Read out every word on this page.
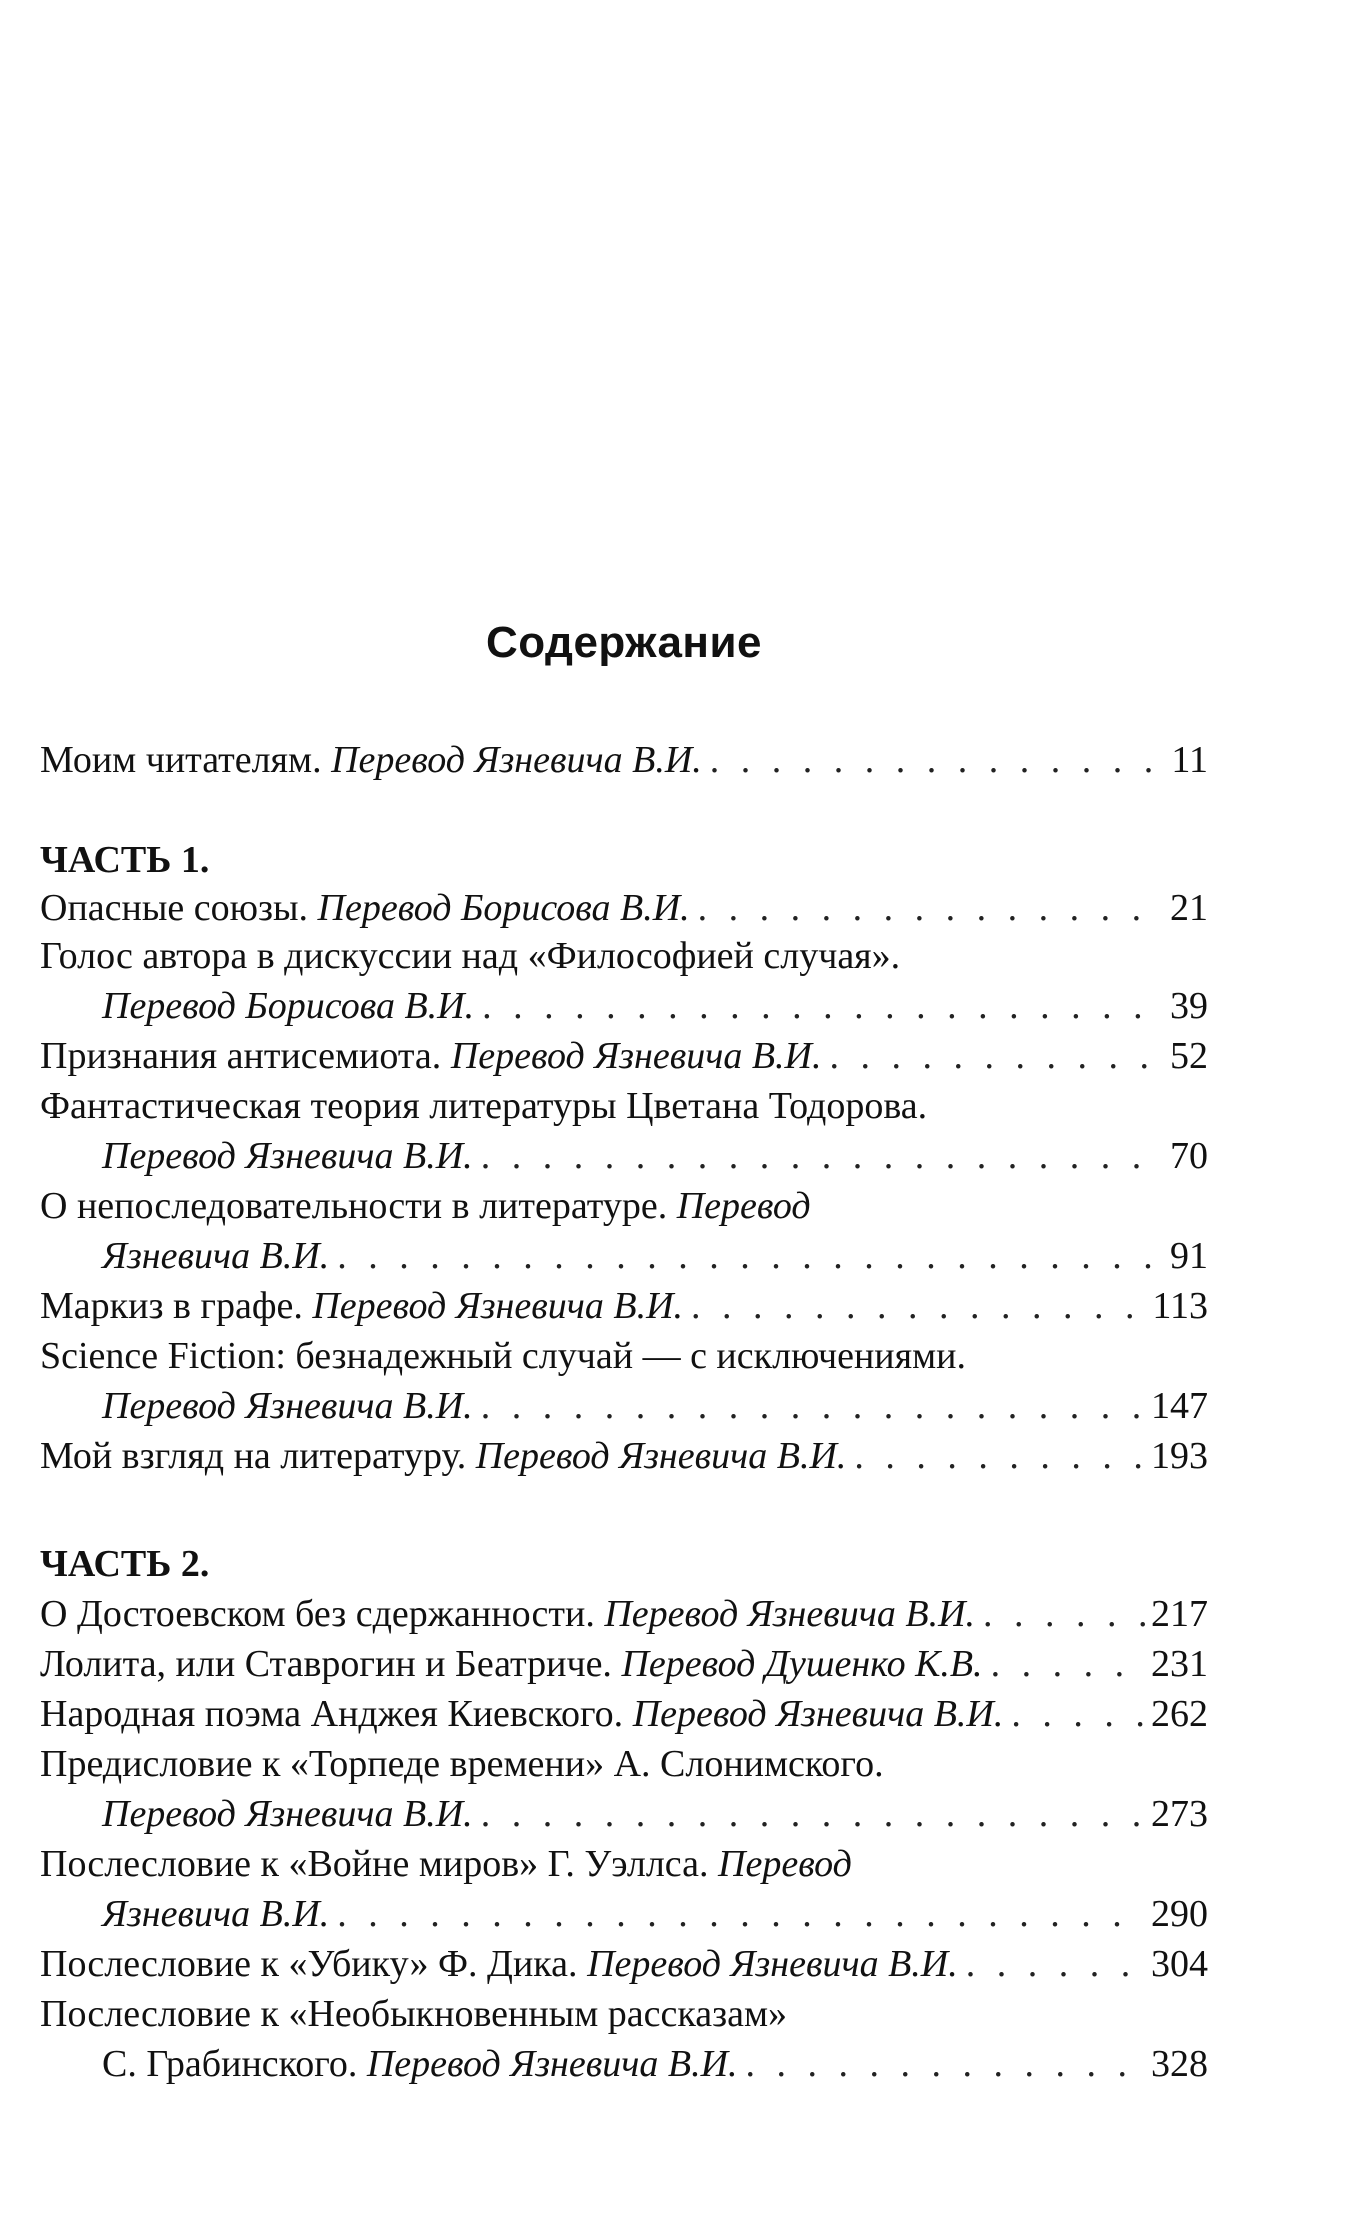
Содержание
Моим читателям. Перевод Язневича В.И. . . .	11
ЧАСТЬ 1.
Опасные союзы. Перевод Борисова В.И. . . .	21
Голос автора в дискуссии над «Философией случая».
Перевод Борисова В.И. . . .	39
Признания антисемиота. Перевод Язневича В.И. . . .	52
Фантастическая теория литературы Цветана Тодорова.
Перевод Язневича В.И. . . .	70
О непоследовательности в литературе. Перевод
Язневича В.И. . . .	91
Маркиз в графе. Перевод Язневича В.И. . . .	113
Science Fiction: безнадежный случай — с исключениями.
Перевод Язневича В.И. . . .	147
Мой взгляд на литературу. Перевод Язневича В.И. . . .	193
ЧАСТЬ 2.
О Достоевском без сдержанности. Перевод Язневича В.И. . . .	217
Лолита, или Ставрогин и Беатриче. Перевод Душенко К.В. . . .	231
Народная поэма Анджея Киевского. Перевод Язневича В.И. . . .	262
Предисловие к «Торпеде времени» А. Слонимского.
Перевод Язневича В.И. . . .	273
Послесловие к «Войне миров» Г. Уэллса. Перевод
Язневича В.И. . . .	290
Послесловие к «Убику» Ф. Дика. Перевод Язневича В.И. . . .	304
Послесловие к «Необыкновенным рассказам»
С. Грабинского. Перевод Язневича В.И. . . .	328
